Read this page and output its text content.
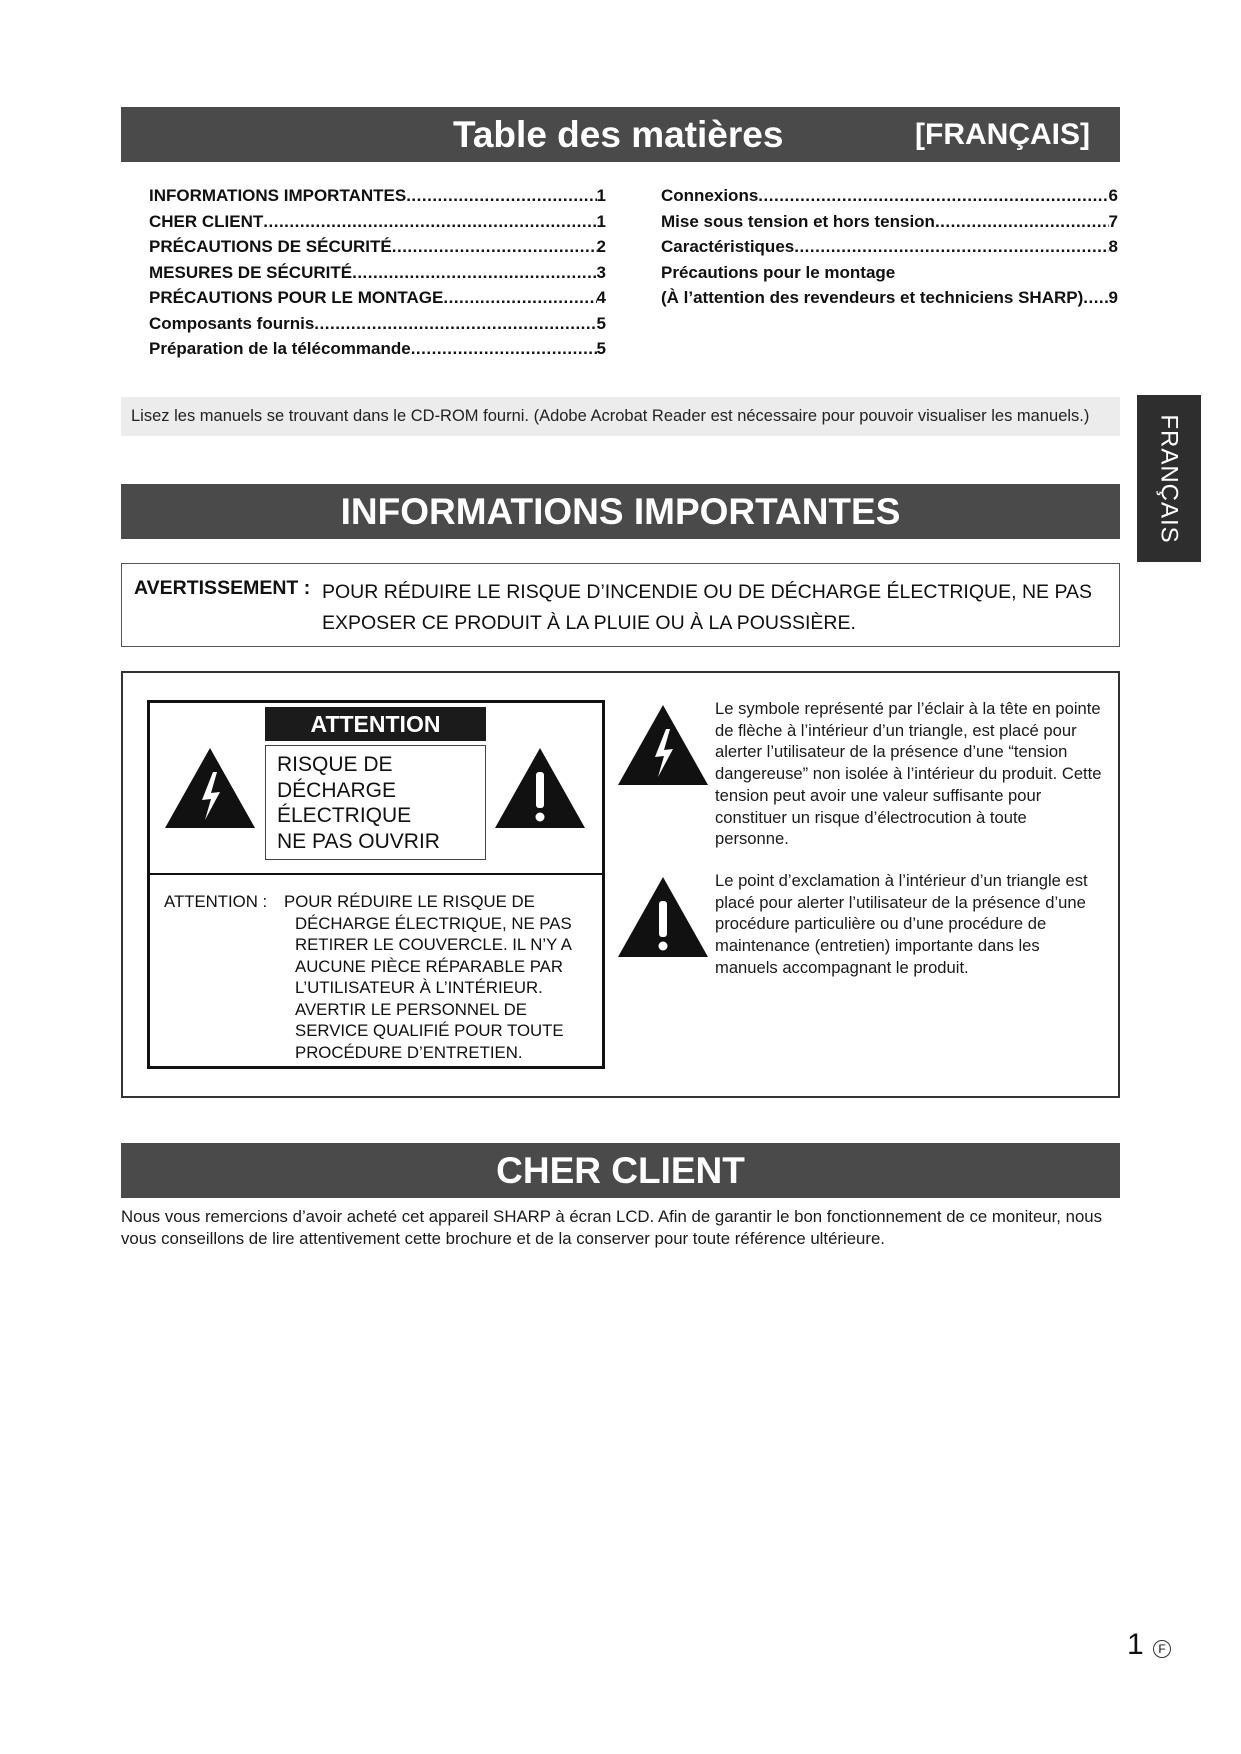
Table des matières	[FRANÇAIS]
INFORMATIONS IMPORTANTES .....	1
CHER CLIENT .....	1
PRÉCAUTIONS DE SÉCURITÉ .....	2
MESURES DE SÉCURITÉ .....	3
PRÉCAUTIONS POUR LE MONTAGE .....	4
Composants fournis .....	5
Préparation de la télécommande .....	5
Connexions .....	6
Mise sous tension et hors tension .....	7
Caractéristiques .....	8
Précautions pour le montage
(À l’attention des revendeurs et techniciens SHARP) ..... 9
Lisez les manuels se trouvant dans le CD-ROM fourni. (Adobe Acrobat Reader est nécessaire pour pouvoir visualiser les manuels.)	FRANÇAIS
INFORMATIONS IMPORTANTES
AVERTISSEMENT : POUR RÉDUIRE LE RISQUE D’INCENDIE OU DE DÉCHARGE ÉLECTRIQUE, NE PAS EXPOSER CE PRODUIT À LA PLUIE OU À LA POUSSIÈRE.
ATTENTION
RISQUE DE
DÉCHARGE
ÉLECTRIQUE
NE PAS OUVRIR
ATTENTION : POUR RÉDUIRE LE RISQUE DE
DÉCHARGE ÉLECTRIQUE, NE PAS
RETIRER LE COUVERCLE. IL N’Y A
AUCUNE PIÈCE RÉPARABLE PAR
L’UTILISATEUR À L’INTÉRIEUR.
AVERTIR LE PERSONNEL DE
SERVICE QUALIFIÉ POUR TOUTE
PROCÉDURE D’ENTRETIEN.
Le symbole représenté par l’éclair à la tête en pointe de flèche à l’intérieur d’un triangle, est placé pour alerter l’utilisateur de la présence d’une “tension dangereuse” non isolée à l’intérieur du produit. Cette tension peut avoir une valeur suffisante pour constituer un risque d’électrocution à toute personne.
Le point d’exclamation à l’intérieur d’un triangle est placé pour alerter l’utilisateur de la présence d’une procédure particulière ou d’une procédure de maintenance (entretien) importante dans les manuels accompagnant le produit.
CHER CLIENT
Nous vous remercions d’avoir acheté cet appareil SHARP à écran LCD. Afin de garantir le bon fonctionnement de ce moniteur, nous vous conseillons de lire attentivement cette brochure et de la conserver pour toute référence ultérieure.
1	F
